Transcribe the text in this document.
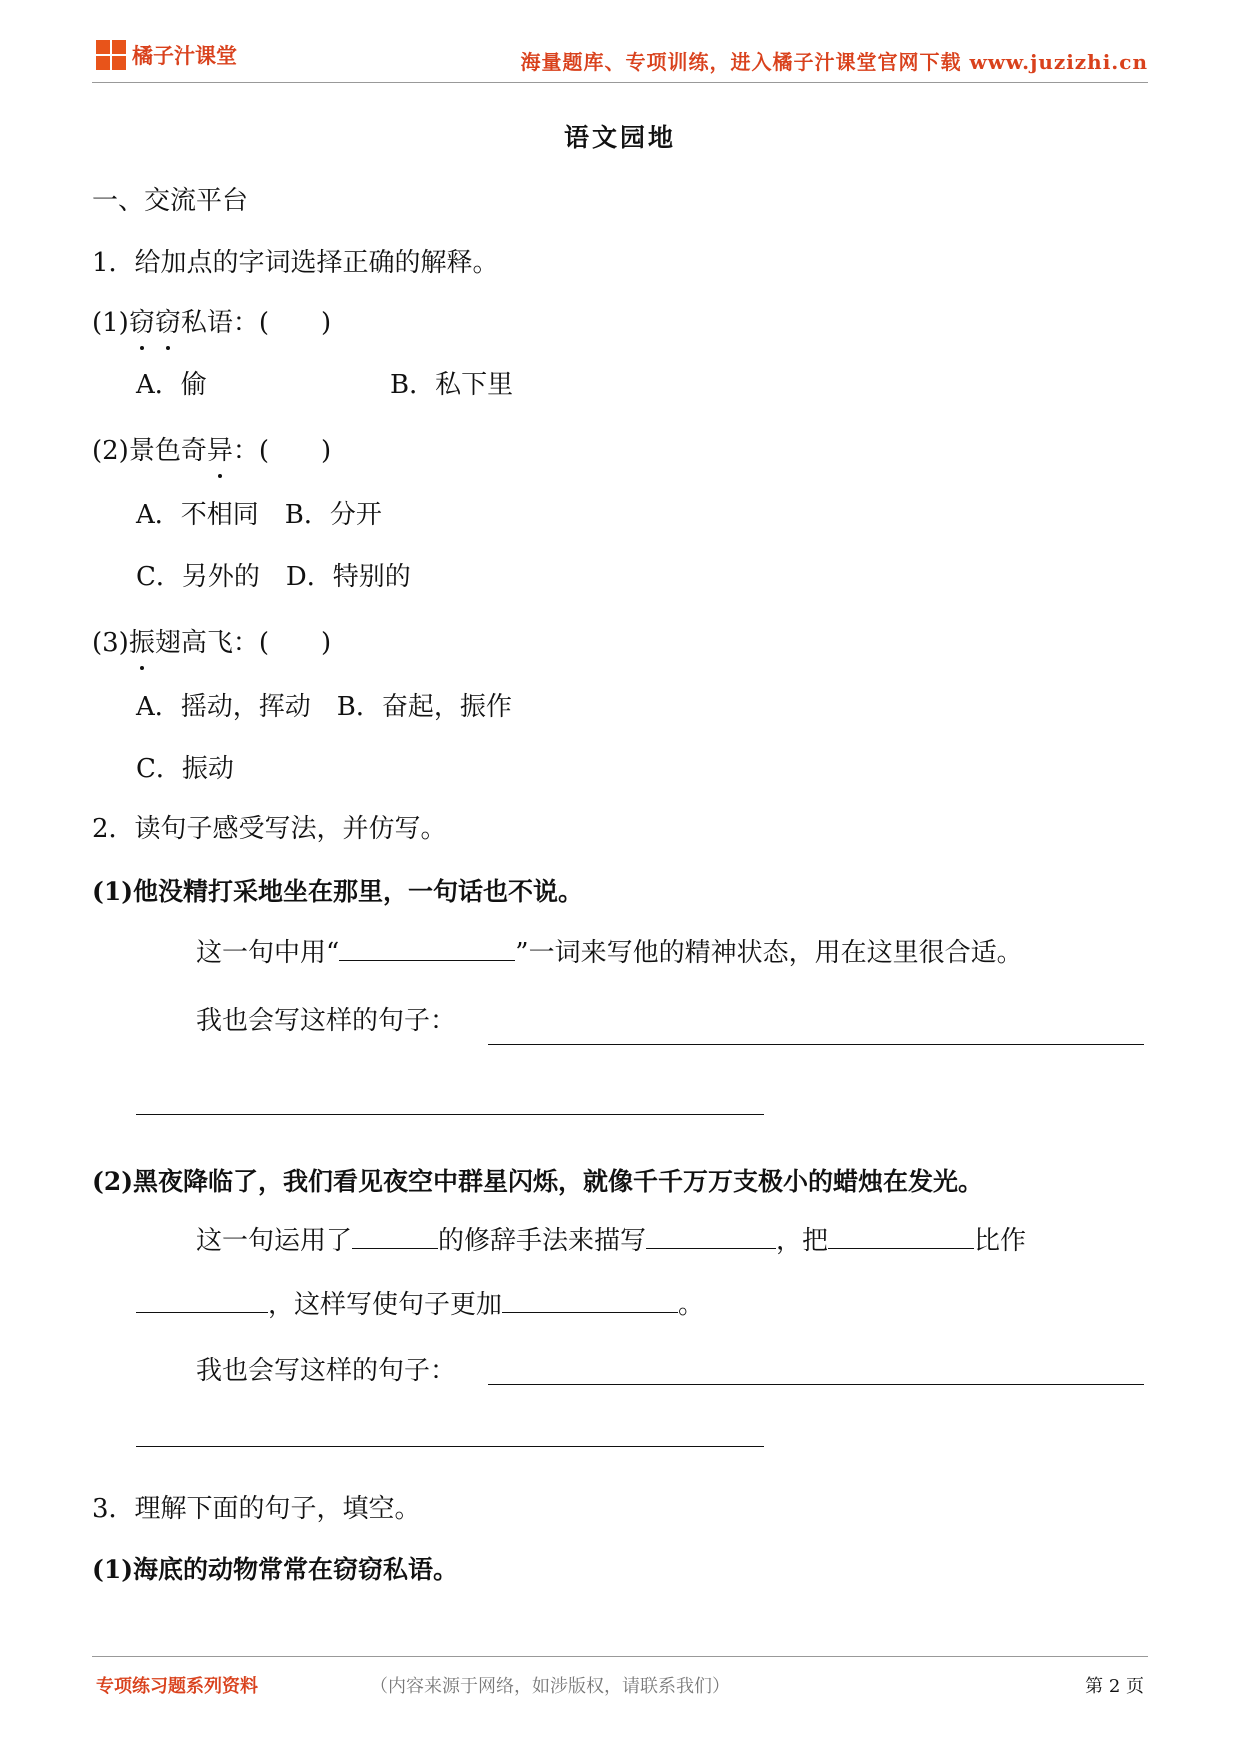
橘子汁课堂	海量题库、专项训练，进入橘子汁课堂官网下载 www.juzizhi.cn
语文园地
一、交流平台
1．给加点的字词选择正确的解释。
(1)窃窃私语：(　　)
A．偷	B．私下里
(2)景色奇异：(　　)
A．不相同　B．分开
C．另外的　D．特别的
(3)振翅高飞：(　　)
A．摇动，挥动　B．奋起，振作
C．振动
2．读句子感受写法，并仿写。
(1)他没精打采地坐在那里，一句话也不说。
这一句中用“	”一词来写他的精神状态，用在这里很合适。
我也会写这样的句子：
(2)黑夜降临了，我们看见夜空中群星闪烁，就像千千万万支极小的蜡烛在发光。
这一句运用了	的修辞手法来描写	，把	比作
，这样写使句子更加	。
我也会写这样的句子：
3．理解下面的句子，填空。
(1)海底的动物常常在窃窃私语。
专项练习题系列资料	（内容来源于网络，如涉版权，请联系我们）	第 2 页
